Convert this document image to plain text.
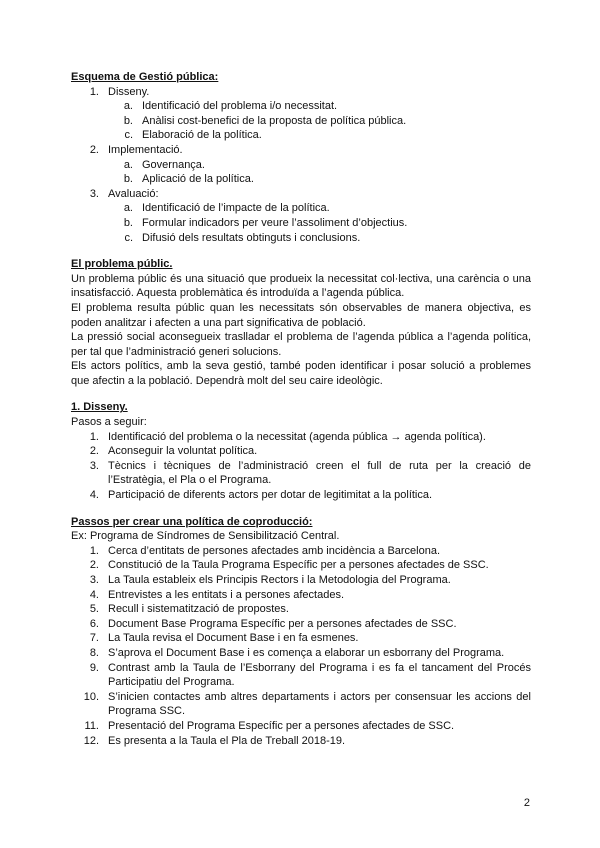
Esquema de Gestió pública:

1. Disseny.
a. Identificació del problema i/o necessitat.
b. Anàlisi cost-benefici de la proposta de política pública.
c. Elaboració de la política.
2. Implementació.
a. Governança.
b. Aplicació de la política.
3. Avaluació:
a. Identificació de l’impacte de la política.
b. Formular indicadors per veure l’assoliment d’objectius.
c. Difusió dels resultats obtinguts i conclusions.

El problema públic.

Un problema públic és una situació que produeix la necessitat col·lectiva, una carència o una insatisfacció. Aquesta problemàtica és introduïda a l’agenda pública.

El problema resulta públic quan les necessitats són observables de manera objectiva, es poden analitzar i afecten a una part significativa de població.

La pressió social aconsegueix traslladar el problema de l’agenda pública a l’agenda política, per tal que l’administració generi solucions.

Els actors polítics, amb la seva gestió, també poden identificar i posar solució a problemes que afectin a la població. Dependrà molt del seu caire ideològic.

1. Disseny.

Pasos a seguir:

1. Identificació del problema o la necessitat (agenda pública → agenda política).
2. Aconseguir la voluntat política.
3. Tècnics i tècniques de l’administració creen el full de ruta per la creació de l’Estratègia, el Pla o el Programa.
4. Participació de diferents actors per dotar de legitimitat a la política.

Passos per crear una política de coproducció:

Ex: Programa de Síndromes de Sensibilització Central.

1. Cerca d’entitats de persones afectades amb incidència a Barcelona.
2. Constitució de la Taula Programa Específic per a persones afectades de SSC.
3. La Taula estableix els Principis Rectors i la Metodologia del Programa.
4. Entrevistes a les entitats i a persones afectades.
5. Recull i sistematització de propostes.
6. Document Base Programa Específic per a persones afectades de SSC.
7. La Taula revisa el Document Base i en fa esmenes.
8. S’aprova el Document Base i es comença a elaborar un esborrany del Programa.
9. Contrast amb la Taula de l’Esborrany del Programa i es fa el tancament del Procés Participatiu del Programa.
10. S’inicien contactes amb altres departaments i actors per consensuar les accions del Programa SSC.
11. Presentació del Programa Específic per a persones afectades de SSC.
12. Es presenta a la Taula el Pla de Treball 2018-19.
2
